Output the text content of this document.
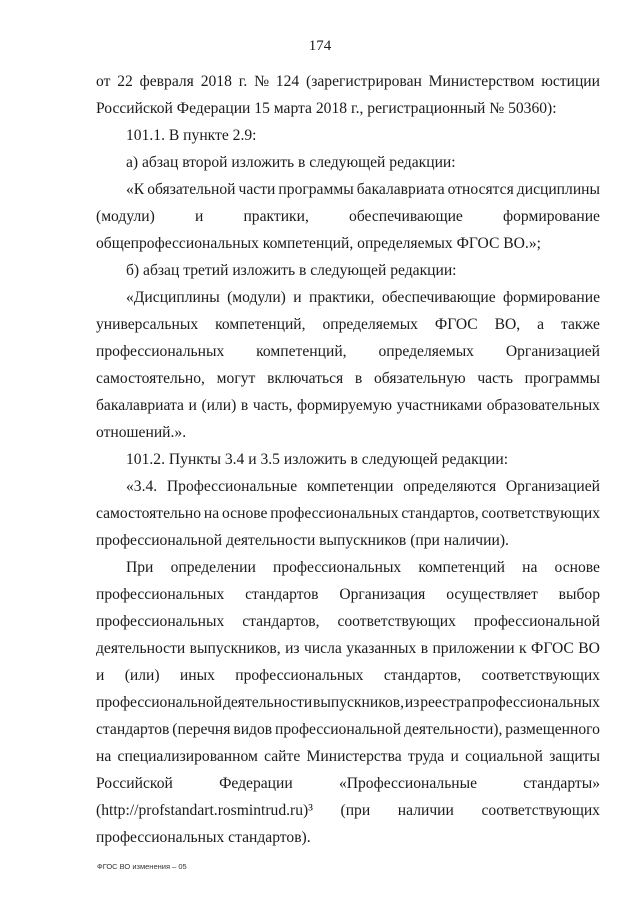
174
от 22 февраля 2018 г. № 124 (зарегистрирован Министерством юстиции
Российской Федерации 15 марта 2018 г., регистрационный № 50360):
101.1. В пункте 2.9:
а) абзац второй изложить в следующей редакции:
«К обязательной части программы бакалавриата относятся дисциплины
(модули)	и	практики,	обеспечивающие	формирование
общепрофессиональных компетенций, определяемых ФГОС ВО.»;
б) абзац третий изложить в следующей редакции:
«Дисциплины (модули) и практики, обеспечивающие формирование
универсальных компетенций, определяемых ФГОС ВО, а также
профессиональных компетенций, определяемых Организацией
самостоятельно, могут включаться в обязательную часть программы
бакалавриата и (или) в часть, формируемую участниками образовательных
отношений.».
101.2. Пункты 3.4 и 3.5 изложить в следующей редакции:
«3.4. Профессиональные компетенции определяются Организацией
самостоятельно на основе профессиональных стандартов, соответствующих
профессиональной деятельности выпускников (при наличии).
При определении профессиональных компетенций на основе
профессиональных стандартов Организация осуществляет выбор
профессиональных стандартов, соответствующих профессиональной
деятельности выпускников, из числа указанных в приложении к ФГОС ВО
и (или) иных профессиональных стандартов, соответствующих
профессиональной деятельности выпускников, из реестра профессиональных
стандартов (перечня видов профессиональной деятельности), размещенного
на специализированном сайте Министерства труда и социальной защиты
Российской	Федерации	«Профессиональные	стандарты»
(http://profstandart.rosmintrud.ru)³ (при наличии соответствующих
профессиональных стандартов).
ФГОС ВО изменения – 05
